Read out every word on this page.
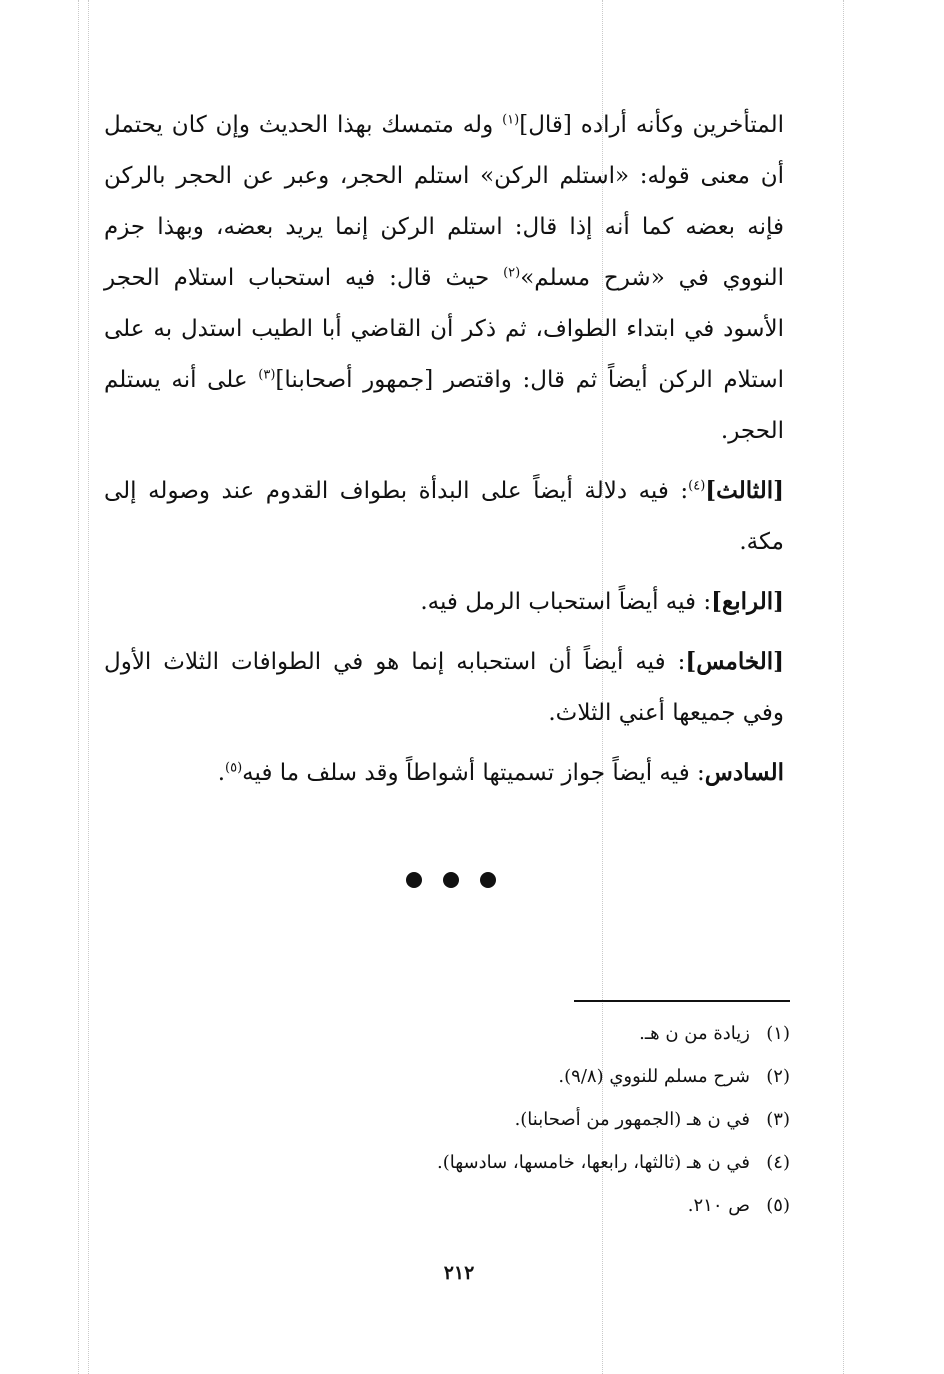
المتأخرين وكأنه أراده [قال]$^{(١)}$ وله متمسك بهذا الحديث وإن كان يحتمل أن معنى قوله: «استلم الركن» استلم الحجر، وعبر عن الحجر بالركن فإنه بعضه كما أنه إذا قال: استلم الركن إنما يريد بعضه، وبهذا جزم النووي في «شرح مسلم»$^{(٢)}$ حيث قال: فيه استحباب استلام الحجر الأسود في ابتداء الطواف، ثم ذكر أن القاضي أبا الطيب استدل به على استلام الركن أيضاً ثم قال: واقتصر [جمهور أصحابنا]$^{(٣)}$ على أنه يستلم الحجر.

[الثالث]$^{(٤)}$: فيه دلالة أيضاً على البدأة بطواف القدوم عند وصوله إلى مكة.

[الرابع]: فيه أيضاً استحباب الرمل فيه.

[الخامس]: فيه أيضاً أن استحبابه إنما هو في الطوافات الثلاث الأول وفي جميعها أعني الثلاث.

السادس: فيه أيضاً جواز تسميتها أشواطاً وقد سلف ما فيه$^{(٥)}$.

(١)زيادة من ن هـ.
(٢)شرح مسلم للنووي (٩/٨).
(٣)في ن هـ (الجمهور من أصحابنا).
(٤)في ن هـ (ثالثها، رابعها، خامسها، سادسها).
(٥)ص ٢١٠.
٢١٢
